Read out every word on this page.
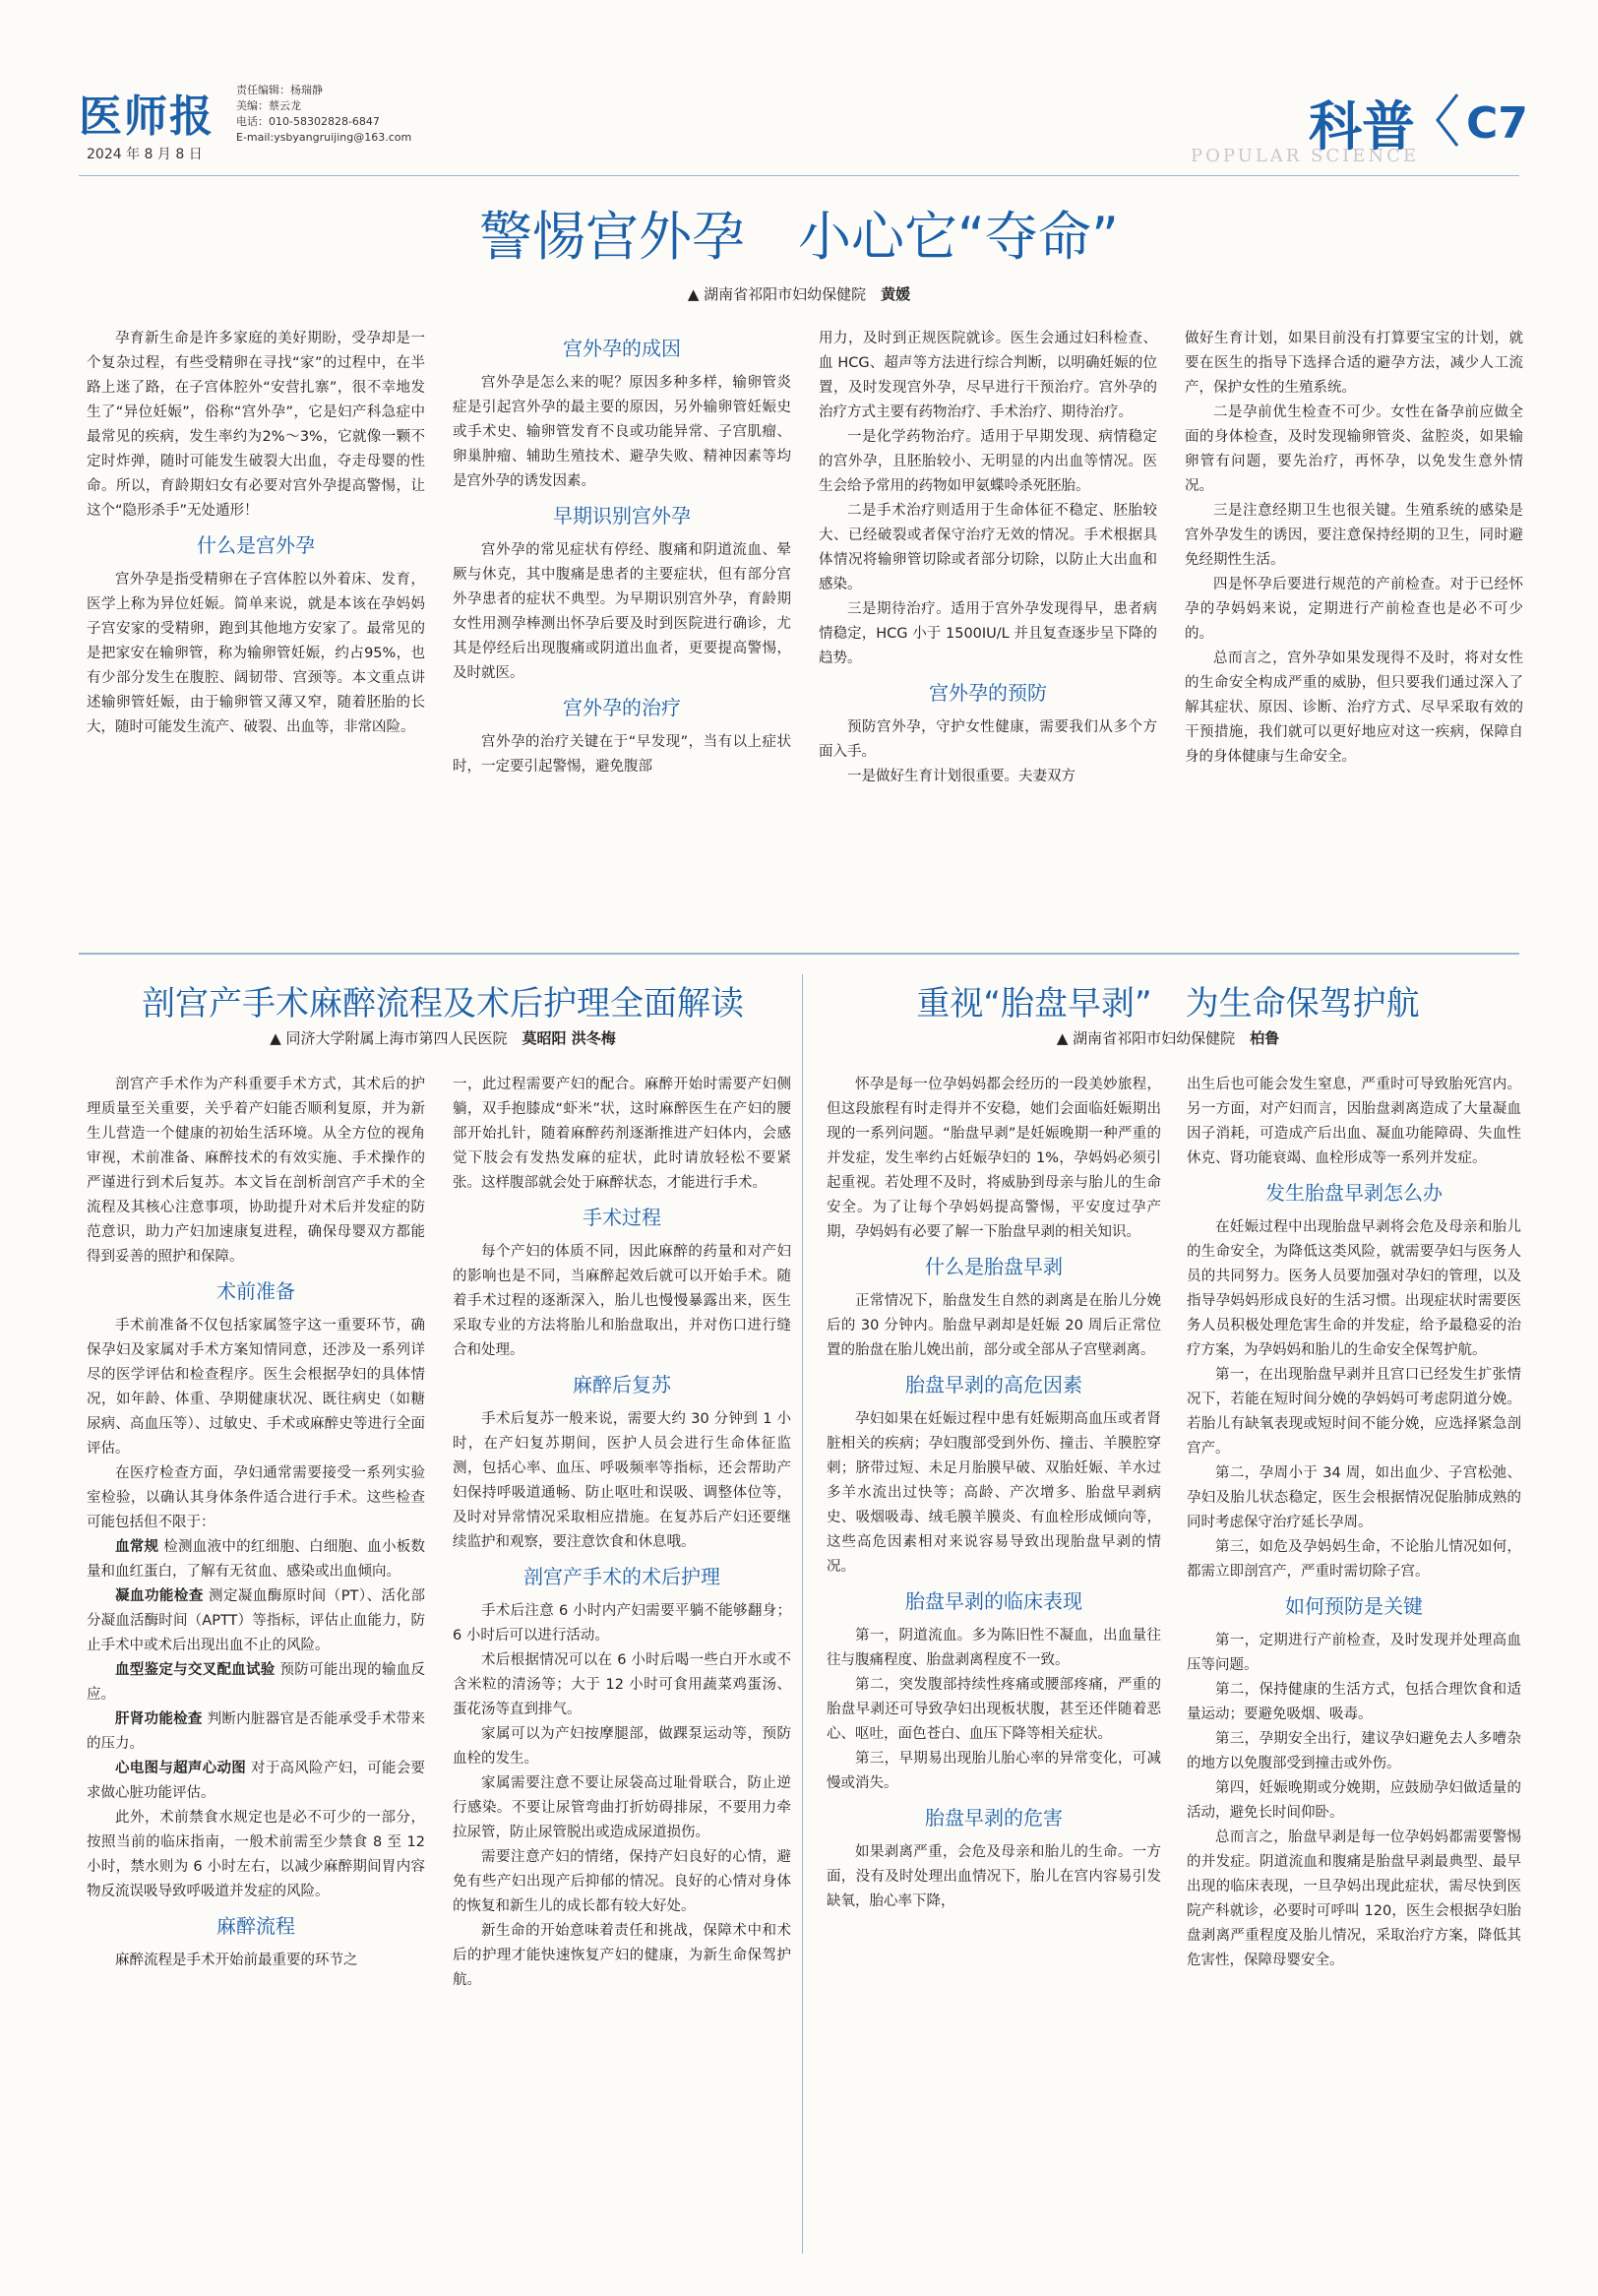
医师报
2024 年 8 月 8 日
责任编辑：杨瑞静
美编：蔡云龙
电话：010-58302828-6847
E-mail:ysbyangruijing@163.com	科普 C7
POPULAR SCIENCE
警惕宫外孕　小心它“夺命”
▲ 湖南省祁阳市妇幼保健院　 黄媛

孕育新生命是许多家庭的美好期盼，受孕却是一个复杂过程，有些受精卵在寻找“家”的过程中，在半路上迷了路，在子宫体腔外“安营扎寨”，很不幸地发生了“异位妊娠”，俗称“宫外孕”，它是妇产科急症中最常见的疾病，发生率约为2%～3%，它就像一颗不定时炸弹，随时可能发生破裂大出血，夺走母婴的性命。所以，育龄期妇女有必要对宫外孕提高警惕，让这个“隐形杀手”无处遁形！

什么是宫外孕

宫外孕是指受精卵在子宫体腔以外着床、发育，医学上称为异位妊娠。简单来说，就是本该在孕妈妈子宫安家的受精卵，跑到其他地方安家了。最常见的是把家安在输卵管，称为输卵管妊娠，约占95%，也有少部分发生在腹腔、阔韧带、宫颈等。本文重点讲述输卵管妊娠，由于输卵管又薄又窄，随着胚胎的长大，随时可能发生流产、破裂、出血等，非常凶险。

宫外孕的成因

宫外孕是怎么来的呢？原因多种多样，输卵管炎症是引起宫外孕的最主要的原因，另外输卵管妊娠史或手术史、输卵管发育不良或功能异常、子宫肌瘤、卵巢肿瘤、辅助生殖技术、避孕失败、精神因素等均是宫外孕的诱发因素。

早期识别宫外孕

宫外孕的常见症状有停经、腹痛和阴道流血、晕厥与休克，其中腹痛是患者的主要症状，但有部分宫外孕患者的症状不典型。为早期识别宫外孕，育龄期女性用测孕棒测出怀孕后要及时到医院进行确诊，尤其是停经后出现腹痛或阴道出血者，更要提高警惕，及时就医。

宫外孕的治疗

宫外孕的治疗关键在于“早发现”，当有以上症状时，一定要引起警惕，避免腹部

用力，及时到正规医院就诊。医生会通过妇科检查、血 HCG、超声等方法进行综合判断，以明确妊娠的位置，及时发现宫外孕，尽早进行干预治疗。宫外孕的治疗方式主要有药物治疗、手术治疗、期待治疗。

一是化学药物治疗。适用于早期发现、病情稳定的宫外孕，且胚胎较小、无明显的内出血等情况。医生会给予常用的药物如甲氨蝶呤杀死胚胎。

二是手术治疗则适用于生命体征不稳定、胚胎较大、已经破裂或者保守治疗无效的情况。手术根据具体情况将输卵管切除或者部分切除，以防止大出血和感染。

三是期待治疗。适用于宫外孕发现得早，患者病情稳定，HCG 小于 1500IU/L 并且复查逐步呈下降的趋势。

宫外孕的预防

预防宫外孕，守护女性健康，需要我们从多个方面入手。

一是做好生育计划很重要。夫妻双方

做好生育计划，如果目前没有打算要宝宝的计划，就要在医生的指导下选择合适的避孕方法，减少人工流产，保护女性的生殖系统。

二是孕前优生检查不可少。女性在备孕前应做全面的身体检查，及时发现输卵管炎、盆腔炎，如果输卵管有问题，要先治疗，再怀孕，以免发生意外情况。

三是注意经期卫生也很关键。生殖系统的感染是宫外孕发生的诱因，要注意保持经期的卫生，同时避免经期性生活。

四是怀孕后要进行规范的产前检查。对于已经怀孕的孕妈妈来说，定期进行产前检查也是必不可少的。

总而言之，宫外孕如果发现得不及时，将对女性的生命安全构成严重的威胁，但只要我们通过深入了解其症状、原因、诊断、治疗方式、尽早采取有效的干预措施，我们就可以更好地应对这一疾病，保障自身的身体健康与生命安全。

剖宫产手术麻醉流程及术后护理全面解读
▲ 同济大学附属上海市第四人民医院　 莫昭阳 洪冬梅

剖宫产手术作为产科重要手术方式，其术后的护理质量至关重要，关乎着产妇能否顺利复原，并为新生儿营造一个健康的初始生活环境。从全方位的视角审视，术前准备、麻醉技术的有效实施、手术操作的严谨进行到术后复苏。本文旨在剖析剖宫产手术的全流程及其核心注意事项，协助提升对术后并发症的防范意识，助力产妇加速康复进程，确保母婴双方都能得到妥善的照护和保障。

术前准备

手术前准备不仅包括家属签字这一重要环节，确保孕妇及家属对手术方案知情同意，还涉及一系列详尽的医学评估和检查程序。医生会根据孕妇的具体情况，如年龄、体重、孕期健康状况、既往病史（如糖尿病、高血压等）、过敏史、手术或麻醉史等进行全面评估。

在医疗检查方面，孕妇通常需要接受一系列实验室检验，以确认其身体条件适合进行手术。这些检查可能包括但不限于：

血常规 检测血液中的红细胞、白细胞、血小板数量和血红蛋白，了解有无贫血、感染或出血倾向。

凝血功能检查 测定凝血酶原时间（PT）、活化部分凝血活酶时间（APTT）等指标，评估止血能力，防止手术中或术后出现出血不止的风险。

血型鉴定与交叉配血试验 预防可能出现的输血反应。

肝肾功能检查 判断内脏器官是否能承受手术带来的压力。

心电图与超声心动图 对于高风险产妇，可能会要求做心脏功能评估。

此外，术前禁食水规定也是必不可少的一部分，按照当前的临床指南，一般术前需至少禁食 8 至 12 小时，禁水则为 6 小时左右，以减少麻醉期间胃内容物反流误吸导致呼吸道并发症的风险。

麻醉流程

麻醉流程是手术开始前最重要的环节之

一，此过程需要产妇的配合。麻醉开始时需要产妇侧躺，双手抱膝成“虾米”状，这时麻醉医生在产妇的腰部开始扎针，随着麻醉药剂逐渐推进产妇体内，会感觉下肢会有发热发麻的症状，此时请放轻松不要紧张。这样腹部就会处于麻醉状态，才能进行手术。

手术过程

每个产妇的体质不同，因此麻醉的药量和对产妇的影响也是不同，当麻醉起效后就可以开始手术。随着手术过程的逐渐深入，胎儿也慢慢暴露出来，医生采取专业的方法将胎儿和胎盘取出，并对伤口进行缝合和处理。

麻醉后复苏

手术后复苏一般来说，需要大约 30 分钟到 1 小时，在产妇复苏期间，医护人员会进行生命体征监测，包括心率、血压、呼吸频率等指标，还会帮助产妇保持呼吸道通畅、防止呕吐和误吸、调整体位等，及时对异常情况采取相应措施。在复苏后产妇还要继续监护和观察，要注意饮食和休息哦。

剖宫产手术的术后护理

手术后注意 6 小时内产妇需要平躺不能够翻身；6 小时后可以进行活动。

术后根据情况可以在 6 小时后喝一些白开水或不含米粒的清汤等；大于 12 小时可食用蔬菜鸡蛋汤、蛋花汤等直到排气。

家属可以为产妇按摩腿部，做踝泵运动等，预防血栓的发生。

家属需要注意不要让尿袋高过耻骨联合，防止逆行感染。不要让尿管弯曲打折妨碍排尿，不要用力牵拉尿管，防止尿管脱出或造成尿道损伤。

需要注意产妇的情绪，保持产妇良好的心情，避免有些产妇出现产后抑郁的情况。良好的心情对身体的恢复和新生儿的成长都有较大好处。

新生命的开始意味着责任和挑战，保障术中和术后的护理才能快速恢复产妇的健康，为新生命保驾护航。

重视“胎盘早剥”　为生命保驾护航
▲ 湖南省祁阳市妇幼保健院　 柏鲁

怀孕是每一位孕妈妈都会经历的一段美妙旅程，但这段旅程有时走得并不安稳，她们会面临妊娠期出现的一系列问题。“胎盘早剥”是妊娠晚期一种严重的并发症，发生率约占妊娠孕妇的 1%，孕妈妈必须引起重视。若处理不及时，将威胁到母亲与胎儿的生命安全。为了让每个孕妈妈提高警惕，平安度过孕产期，孕妈妈有必要了解一下胎盘早剥的相关知识。

什么是胎盘早剥

正常情况下，胎盘发生自然的剥离是在胎儿分娩后的 30 分钟内。胎盘早剥却是妊娠 20 周后正常位置的胎盘在胎儿娩出前，部分或全部从子宫壁剥离。

胎盘早剥的高危因素

孕妇如果在妊娠过程中患有妊娠期高血压或者肾脏相关的疾病；孕妇腹部受到外伤、撞击、羊膜腔穿刺；脐带过短、未足月胎膜早破、双胎妊娠、羊水过多羊水流出过快等；高龄、产次增多、胎盘早剥病史、吸烟吸毒、绒毛膜羊膜炎、有血栓形成倾向等，这些高危因素相对来说容易导致出现胎盘早剥的情况。

胎盘早剥的临床表现

第一，阴道流血。多为陈旧性不凝血，出血量往往与腹痛程度、胎盘剥离程度不一致。

第二，突发腹部持续性疼痛或腰部疼痛，严重的胎盘早剥还可导致孕妇出现板状腹，甚至还伴随着恶心、呕吐，面色苍白、血压下降等相关症状。

第三，早期易出现胎儿胎心率的异常变化，可减慢或消失。

胎盘早剥的危害

如果剥离严重，会危及母亲和胎儿的生命。一方面，没有及时处理出血情况下，胎儿在宫内容易引发缺氧，胎心率下降，

出生后也可能会发生窒息，严重时可导致胎死宫内。另一方面，对产妇而言，因胎盘剥离造成了大量凝血因子消耗，可造成产后出血、凝血功能障碍、失血性休克、肾功能衰竭、血栓形成等一系列并发症。

发生胎盘早剥怎么办

在妊娠过程中出现胎盘早剥将会危及母亲和胎儿的生命安全，为降低这类风险，就需要孕妇与医务人员的共同努力。医务人员要加强对孕妇的管理，以及指导孕妈妈形成良好的生活习惯。出现症状时需要医务人员积极处理危害生命的并发症，给予最稳妥的治疗方案，为孕妈妈和胎儿的生命安全保驾护航。

第一，在出现胎盘早剥并且宫口已经发生扩张情况下，若能在短时间分娩的孕妈妈可考虑阴道分娩。若胎儿有缺氧表现或短时间不能分娩，应选择紧急剖宫产。

第二，孕周小于 34 周，如出血少、子宫松弛、孕妇及胎儿状态稳定，医生会根据情况促胎肺成熟的同时考虑保守治疗延长孕周。

第三，如危及孕妈妈生命，不论胎儿情况如何，都需立即剖宫产，严重时需切除子宫。

如何预防是关键

第一，定期进行产前检查，及时发现并处理高血压等问题。

第二，保持健康的生活方式，包括合理饮食和适量运动；要避免吸烟、吸毒。

第三，孕期安全出行，建议孕妇避免去人多嘈杂的地方以免腹部受到撞击或外伤。

第四，妊娠晚期或分娩期，应鼓励孕妇做适量的活动，避免长时间仰卧。

总而言之，胎盘早剥是每一位孕妈妈都需要警惕的并发症。阴道流血和腹痛是胎盘早剥最典型、最早出现的临床表现，一旦孕妈出现此症状，需尽快到医院产科就诊，必要时可呼叫 120，医生会根据孕妇胎盘剥离严重程度及胎儿情况，采取治疗方案，降低其危害性，保障母婴安全。
